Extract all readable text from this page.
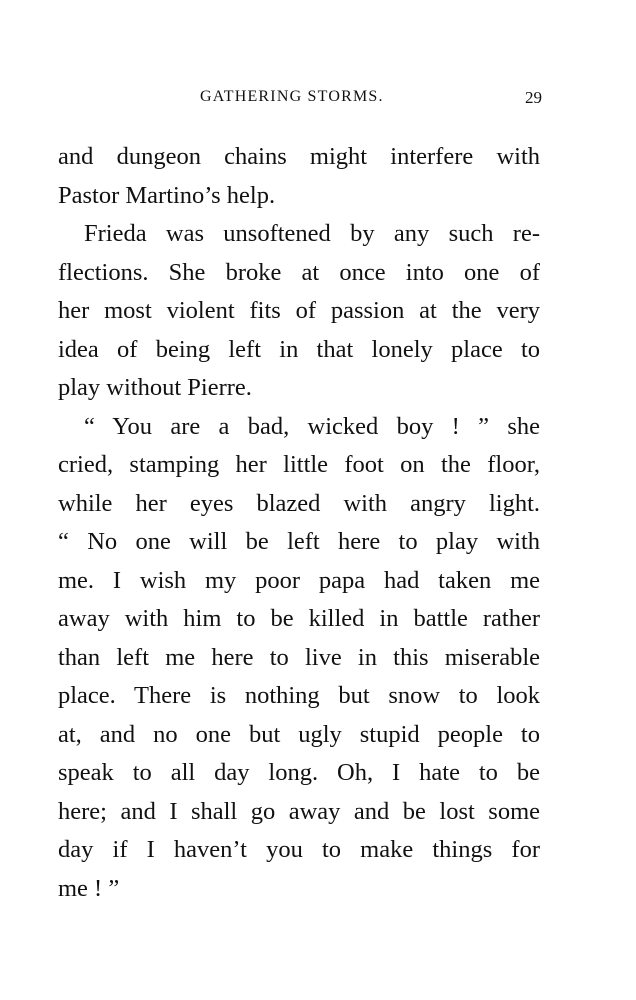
GATHERING STORMS.	29
and dungeon chains might interfere with
Pastor Martino’s help.
Frieda was unsoftened by any such re-
flections. She broke at once into one of
her most violent fits of passion at the very
idea of being left in that lonely place to
play without Pierre.
“ You are a bad, wicked boy ! ” she
cried, stamping her little foot on the floor,
while her eyes blazed with angry light.
“ No one will be left here to play with
me. I wish my poor papa had taken me
away with him to be killed in battle rather
than left me here to live in this miserable
place. There is nothing but snow to look
at, and no one but ugly stupid people to
speak to all day long. Oh, I hate to be
here; and I shall go away and be lost some
day if I haven’t you to make things for
me ! ”
